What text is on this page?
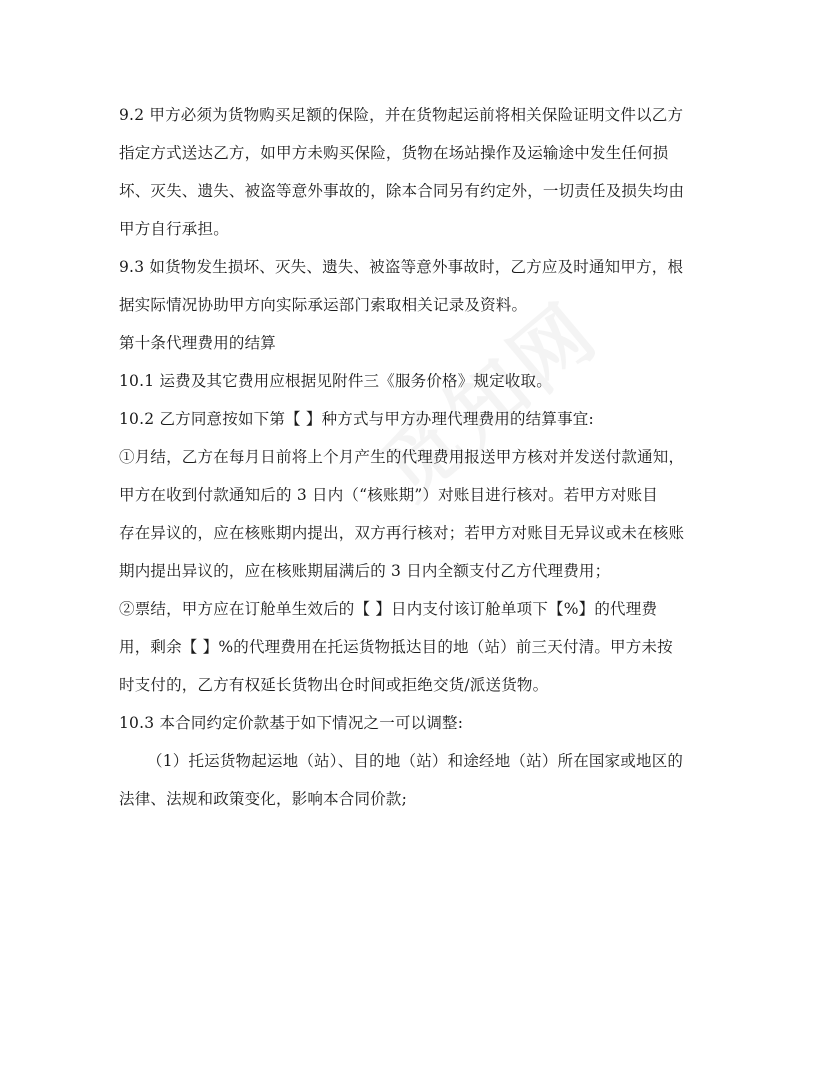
9.2 甲方必须为货物购买足额的保险，并在货物起运前将相关保险证明文件以乙方
指定方式送达乙方，如甲方未购买保险，货物在场站操作及运输途中发生任何损
坏、灭失、遗失、被盗等意外事故的，除本合同另有约定外，一切责任及损失均由
甲方自行承担。
9.3 如货物发生损坏、灭失、遗失、被盗等意外事故时，乙方应及时通知甲方，根
据实际情况协助甲方向实际承运部门索取相关记录及资料。
第十条代理费用的结算
10.1 运费及其它费用应根据见附件三《服务价格》规定收取。
10.2 乙方同意按如下第【 】种方式与甲方办理代理费用的结算事宜:
①月结，乙方在每月日前将上个月产生的代理费用报送甲方核对并发送付款通知，
甲方在收到付款通知后的 3 日内（“核账期”）对账目进行核对。若甲方对账目
存在异议的，应在核账期内提出，双方再行核对；若甲方对账目无异议或未在核账
期内提出异议的，应在核账期届满后的 3 日内全额支付乙方代理费用；
②票结，甲方应在订舱单生效后的【 】日内支付该订舱单项下【%】的代理费
用，剩余【 】%的代理费用在托运货物抵达目的地（站）前三天付清。甲方未按
时支付的，乙方有权延长货物出仓时间或拒绝交货/派送货物。
10.3 本合同约定价款基于如下情况之一可以调整:
（1）托运货物起运地（站）、目的地（站）和途经地（站）所在国家或地区的
法律、法规和政策变化，影响本合同价款;
